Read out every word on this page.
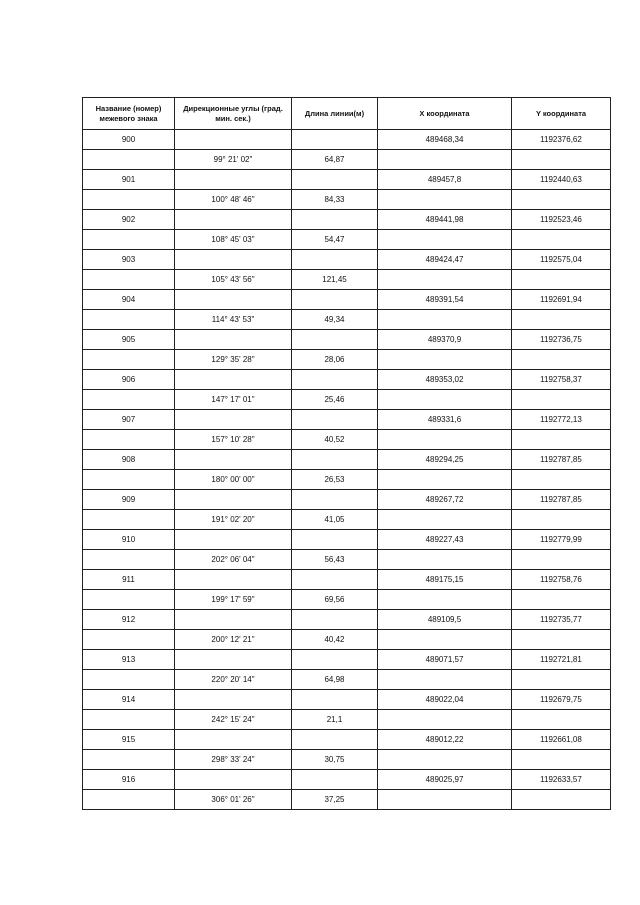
Название (номер) межевого знака	Дирекционные углы (град. мин. сек.)	Длина линии(м)	X координата	Y координата
900			489468,34	1192376,62
	99° 21' 02"	64,87		
901			489457,8	1192440,63
	100° 48' 46"	84,33		
902			489441,98	1192523,46
	108° 45' 03"	54,47		
903			489424,47	1192575,04
	105° 43' 56"	121,45		
904			489391,54	1192691,94
	114° 43' 53"	49,34		
905			489370,9	1192736,75
	129° 35' 28"	28,06		
906			489353,02	1192758,37
	147° 17' 01"	25,46		
907			489331,6	1192772,13
	157° 10' 28"	40,52		
908			489294,25	1192787,85
	180° 00' 00"	26,53		
909			489267,72	1192787,85
	191° 02' 20"	41,05		
910			489227,43	1192779,99
	202° 06' 04"	56,43		
911			489175,15	1192758,76
	199° 17' 59"	69,56		
912			489109,5	1192735,77
	200° 12' 21"	40,42		
913			489071,57	1192721,81
	220° 20' 14"	64,98		
914			489022,04	1192679,75
	242° 15' 24"	21,1		
915			489012,22	1192661,08
	298° 33' 24"	30,75		
916			489025,97	1192633,57
	306° 01' 26"	37,25		
